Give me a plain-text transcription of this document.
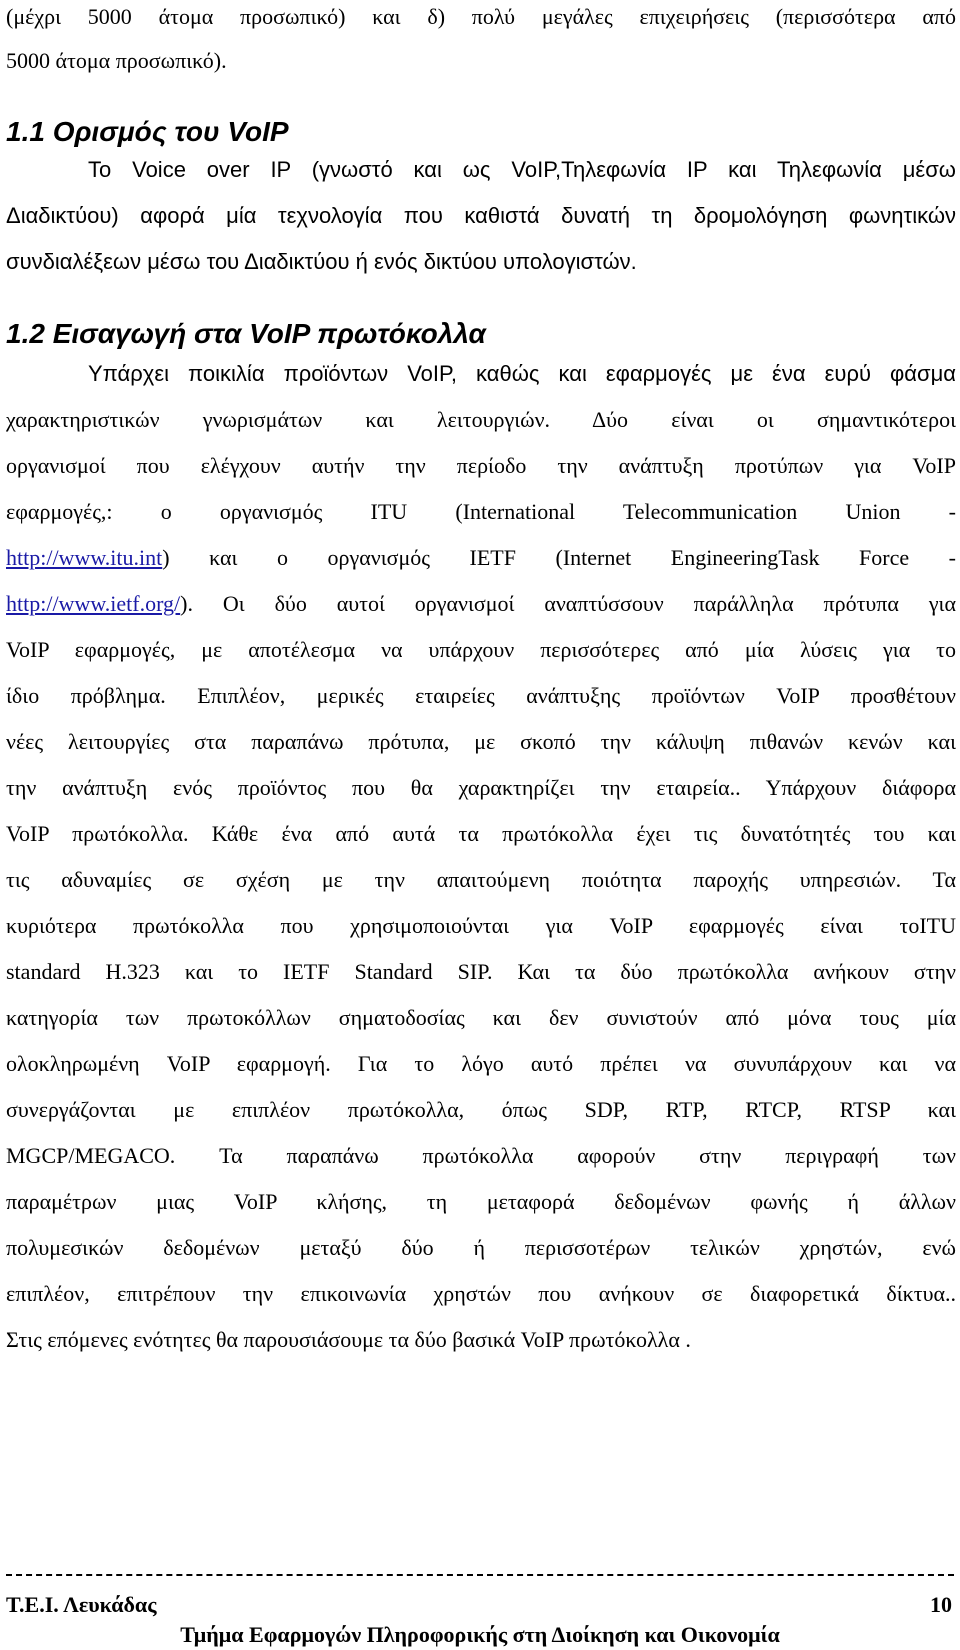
(μέχρι 5000 άτομα προσωπικό) και δ) πολύ μεγάλες επιχειρήσεις (περισσότερα από
5000 άτομα προσωπικό).
1.1 Ορισμός του VoIP
Το Voice over IP (γνωστό και ως VoIP,Τηλεφωνία IP και Τηλεφωνία μέσω
Διαδικτύου) αφορά μία τεχνολογία που καθιστά δυνατή τη δρομολόγηση φωνητικών
συνδιαλέξεων μέσω του Διαδικτύου ή ενός δικτύου υπολογιστών.
1.2 Εισαγωγή στα VoIP πρωτόκολλα
Υπάρχει ποικιλία προϊόντων VoIP, καθώς και εφαρμογές με ένα ευρύ φάσμα
χαρακτηριστικών γνωρισμάτων και λειτουργιών. Δύο είναι οι σημαντικότεροι
οργανισμοί που ελέγχουν αυτήν την περίοδο την ανάπτυξη προτύπων για VoIP
εφαρμογές,: ο οργανισμός ITU (International Telecommunication Union -
http://www.itu.int) και ο οργανισμός IETF (Internet EngineeringTask Force -
http://www.ietf.org/). Οι δύο αυτοί οργανισμοί αναπτύσσουν παράλληλα πρότυπα για
VoIP εφαρμογές, με αποτέλεσμα να υπάρχουν περισσότερες από μία λύσεις για το
ίδιο πρόβλημα. Επιπλέον, μερικές εταιρείες ανάπτυξης προϊόντων VoIP προσθέτουν
νέες λειτουργίες στα παραπάνω πρότυπα, με σκοπό την κάλυψη πιθανών κενών και
την ανάπτυξη ενός προϊόντος που θα χαρακτηρίζει την εταιρεία.. Υπάρχουν διάφορα
VoIP πρωτόκολλα. Κάθε ένα από αυτά τα πρωτόκολλα έχει τις δυνατότητές του και
τις αδυναμίες σε σχέση με την απαιτούμενη ποιότητα παροχής υπηρεσιών. Τα
κυριότερα πρωτόκολλα που χρησιμοποιούνται για VoIP εφαρμογές είναι τοITU
standard H.323 και το IETF Standard SIP. Και τα δύο πρωτόκολλα ανήκουν στην
κατηγορία των πρωτοκόλλων σηματοδοσίας και δεν συνιστούν από μόνα τους μία
ολοκληρωμένη VoIP εφαρμογή. Για το λόγο αυτό πρέπει να συνυπάρχουν και να
συνεργάζονται με επιπλέον πρωτόκολλα, όπως SDP, RTP, RTCP, RTSP και
MGCP/MEGACO. Τα παραπάνω πρωτόκολλα αφορούν στην περιγραφή των
παραμέτρων μιας VoIP κλήσης, τη μεταφορά δεδομένων φωνής ή άλλων
πολυμεσικών δεδομένων μεταξύ δύο ή περισσοτέρων τελικών χρηστών, ενώ
επιπλέον, επιτρέπουν την επικοινωνία χρηστών που ανήκουν σε διαφορετικά δίκτυα..
Στις επόμενες ενότητες θα παρουσιάσουμε τα δύο βασικά VoIP πρωτόκολλα .
Τ.Ε.Ι. Λευκάδας	10
Τμήμα Εφαρμογών Πληροφορικής στη Διοίκηση και Οικονομία
